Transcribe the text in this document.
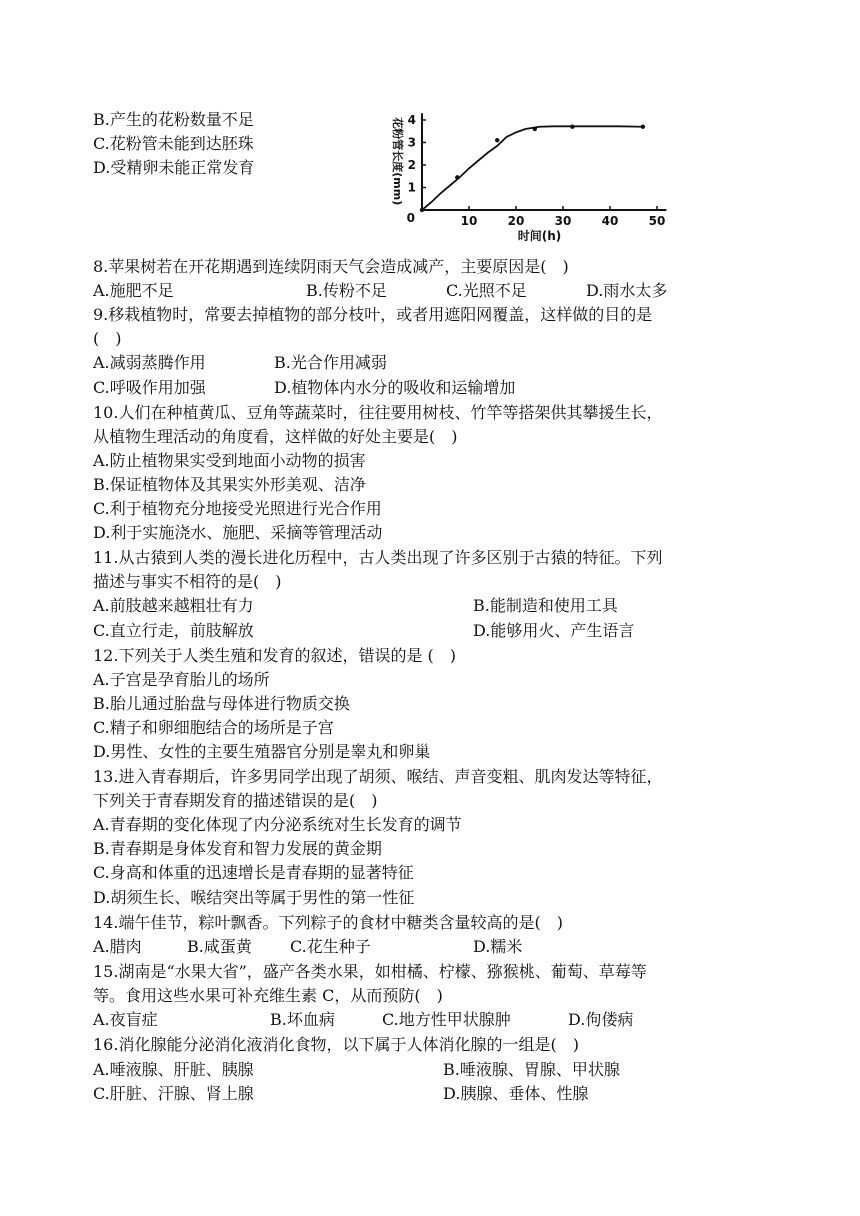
B.产生的花粉数量不足
C.花粉管未能到达胚珠
D.受精卵未能正常发育
10	20	30	40	50
0
1
2
3
4
花粉管长度(mm)
时间(h)
8.苹果树若在开花期遇到连续阴雨天气会造成减产，主要原因是(　)
A.施肥不足	B.传粉不足	C.光照不足	D.雨水太多
9.移栽植物时，常要去掉植物的部分枝叶，或者用遮阳网覆盖，这样做的目的是
(　)
A.减弱蒸腾作用	B.光合作用减弱
C.呼吸作用加强	D.植物体内水分的吸收和运输增加
10.人们在种植黄瓜、豆角等蔬菜时，往往要用树枝、竹竿等搭架供其攀援生长，
从植物生理活动的角度看，这样做的好处主要是(　)
A.防止植物果实受到地面小动物的损害
B.保证植物体及其果实外形美观、洁净
C.利于植物充分地接受光照进行光合作用
D.利于实施浇水、施肥、采摘等管理活动
11.从古猿到人类的漫长进化历程中，古人类出现了许多区别于古猿的特征。下列
描述与事实不相符的是(　)
A.前肢越来越粗壮有力	B.能制造和使用工具
C.直立行走，前肢解放	D.能够用火、产生语言
12.下列关于人类生殖和发育的叙述，错误的是 (　)
A.子宫是孕育胎儿的场所
B.胎儿通过胎盘与母体进行物质交换
C.精子和卵细胞结合的场所是子宫
D.男性、女性的主要生殖器官分别是睾丸和卵巢
13.进入青春期后，许多男同学出现了胡须、喉结、声音变粗、肌肉发达等特征，
下列关于青春期发育的描述错误的是(　)
A.青春期的变化体现了内分泌系统对生长发育的调节
B.青春期是身体发育和智力发展的黄金期
C.身高和体重的迅速增长是青春期的显著特征
D.胡须生长、喉结突出等属于男性的第一性征
14.端午佳节，粽叶飘香。下列粽子的食材中糖类含量较高的是(　)
A.腊肉	B.咸蛋黄 C.花生种子	D.糯米
15.湖南是“水果大省”，盛产各类水果，如柑橘、柠檬、猕猴桃、葡萄、草莓等
等。食用这些水果可补充维生素 C，从而预防(　)
A.夜盲症	B.坏血病	C.地方性甲状腺肿	D.佝偻病
16.消化腺能分泌消化液消化食物，以下属于人体消化腺的一组是(　)
A.唾液腺、肝脏、胰腺	B.唾液腺、胃腺、甲状腺
C.肝脏、汗腺、肾上腺	D.胰腺、垂体、性腺
